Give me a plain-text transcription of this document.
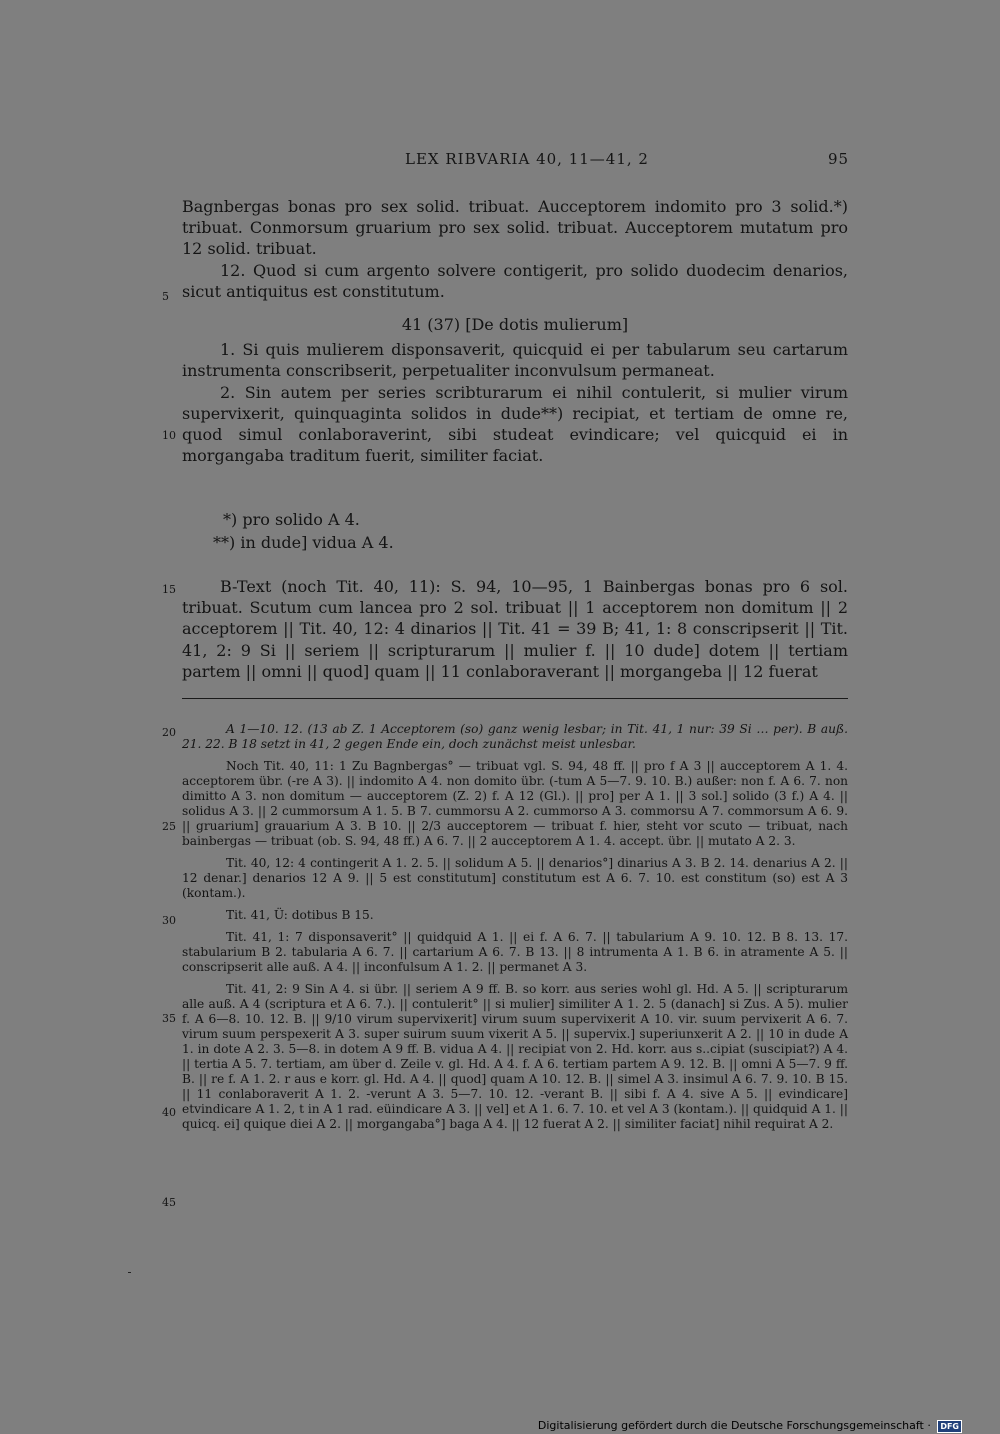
LEX RIBVARIA 40, 11—41, 2	95
5
10
15
20
25
30
35
40
45

Bagnbergas bonas pro sex solid. tribuat. Aucceptorem indomito pro 3 solid.*) tribuat. Conmorsum gruarium pro sex solid. tribuat. Aucceptorem mutatum pro 12 solid. tribuat.

12. Quod si cum argento solvere contigerit, pro solido duodecim denarios, sicut antiquitus est constitutum.

41 (37) [De dotis mulierum]

1. Si quis mulierem disponsaverit, quicquid ei per tabularum seu cartarum instrumenta conscribserit, perpetualiter inconvulsum permaneat.

2. Sin autem per series scribturarum ei nihil contulerit, si mulier virum supervixerit, quinquaginta solidos in dude**) recipiat, et tertiam de omne re, quod simul conlaboraverint, sibi studeat evindicare; vel quicquid ei in morgangaba traditum fuerit, similiter faciat.

*) pro solido A 4.
**) in dude] vidua A 4.

B-Text (noch Tit. 40, 11): S. 94, 10—95, 1 Bainbergas bonas pro 6 sol. tribuat. Scutum cum lancea pro 2 sol. tribuat || 1 acceptorem non domitum || 2 acceptorem || Tit. 40, 12: 4 dinarios || Tit. 41 = 39 B; 41, 1: 8 conscripserit || Tit. 41, 2: 9 Si || seriem || scripturarum || mulier f. || 10 dude] dotem || tertiam partem || omni || quod] quam || 11 conlaboraverant || morgangeba || 12 fuerat

A 1—10. 12. (13 ab Z. 1 Acceptorem (so) ganz wenig lesbar; in Tit. 41, 1 nur: 39 Si … per). B auß. 21. 22. B 18 setzt in 41, 2 gegen Ende ein, doch zunächst meist unlesbar.

Noch Tit. 40, 11: 1 Zu Bagnbergas° — tribuat vgl. S. 94, 48 ff. || pro f A 3 || aucceptorem A 1. 4. acceptorem übr. (-re A 3). || indomito A 4. non domito übr. (-tum A 5—7. 9. 10. B.) außer: non f. A 6. 7. non dimitto A 3. non domitum — aucceptorem (Z. 2) f. A 12 (Gl.). || pro] per A 1. || 3 sol.] solido (3 f.) A 4. || solidus A 3. || 2 cummorsum A 1. 5. B 7. cummorsu A 2. cummorso A 3. commorsu A 7. commorsum A 6. 9. || gruarium] grauarium A 3. B 10. || 2/3 aucceptorem — tribuat f. hier, steht vor scuto — tribuat, nach bainbergas — tribuat (ob. S. 94, 48 ff.) A 6. 7. || 2 aucceptorem A 1. 4. accept. übr. || mutato A 2. 3.

Tit. 40, 12: 4 contingerit A 1. 2. 5. || solidum A 5. || denarios°] dinarius A 3. B 2. 14. denarius A 2. || 12 denar.] denarios 12 A 9. || 5 est constitutum] constitutum est A 6. 7. 10. est constitum (so) est A 3 (kontam.).

Tit. 41, Ü: dotibus B 15.

Tit. 41, 1: 7 disponsaverit° || quidquid A 1. || ei f. A 6. 7. || tabularium A 9. 10. 12. B 8. 13. 17. stabularium B 2. tabularia A 6. 7. || cartarium A 6. 7. B 13. || 8 intrumenta A 1. B 6. in atramente A 5. || conscripserit alle auß. A 4. || inconfulsum A 1. 2. || permanet A 3.

Tit. 41, 2: 9 Sin A 4. si übr. || seriem A 9 ff. B. so korr. aus series wohl gl. Hd. A 5. || scripturarum alle auß. A 4 (scriptura et A 6. 7.). || contulerit° || si mulier] similiter A 1. 2. 5 (danach] si Zus. A 5). mulier f. A 6—8. 10. 12. B. || 9/10 virum supervixerit] virum suum supervixerit A 10. vir. suum pervixerit A 6. 7. virum suum perspexerit A 3. super suirum suum vixerit A 5. || supervix.] superiunxerit A 2. || 10 in dude A 1. in dote A 2. 3. 5—8. in dotem A 9 ff. B. vidua A 4. || recipiat von 2. Hd. korr. aus s..cipiat (suscipiat?) A 4. || tertia A 5. 7. tertiam, am über d. Zeile v. gl. Hd. A 4. f. A 6. tertiam partem A 9. 12. B. || omni A 5—7. 9 ff. B. || re f. A 1. 2. r aus e korr. gl. Hd. A 4. || quod] quam A 10. 12. B. || simel A 3. insimul A 6. 7. 9. 10. B 15. || 11 conlaboraverit A 1. 2. -verunt A 3. 5—7. 10. 12. -verant B. || sibi f. A 4. sive A 5. || evindicare] etvindicare A 1. 2, t in A 1 rad. eüindicare A 3. || vel] et A 1. 6. 7. 10. et vel A 3 (kontam.). || quidquid A 1. || quicq. ei] quique diei A 2. || morgangaba°] baga A 4. || 12 fuerat A 2. || similiter faciat] nihil requirat A 2.

Digitalisierung gefördert durch die Deutsche Forschungsgemeinschaft · DFG
